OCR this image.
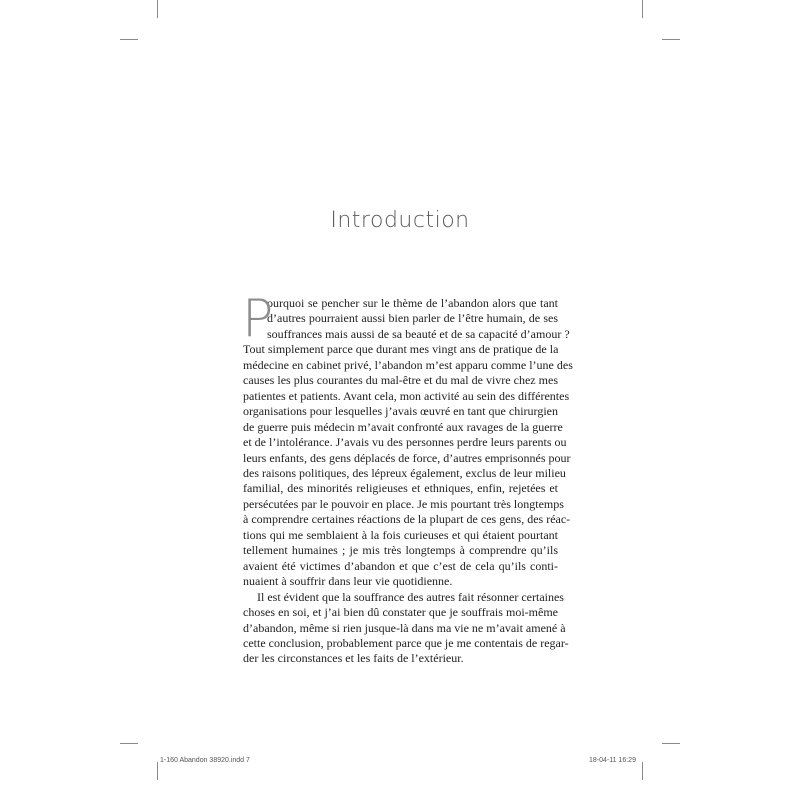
Introduction
P

ourquoi se pencher sur le thème de l’abandon alors que tant
d’autres pourraient aussi bien parler de l’être humain, de ses
souffrances mais aussi de sa beauté et de sa capacité d’amour ?
Tout simplement parce que durant mes vingt ans de pratique de la
médecine en cabinet privé, l’abandon m’est apparu comme l’une des
causes les plus courantes du mal-être et du mal de vivre chez mes
patientes et patients. Avant cela, mon activité au sein des différentes
organisations pour lesquelles j’avais œuvré en tant que chirurgien
de guerre puis médecin m’avait confronté aux ravages de la guerre
et de l’intolérance. J’avais vu des personnes perdre leurs parents ou
leurs enfants, des gens déplacés de force, d’autres emprisonnés pour
des raisons politiques, des lépreux également, exclus de leur milieu
familial, des minorités religieuses et ethniques, enfin, rejetées et
persécutées par le pouvoir en place. Je mis pourtant très longtemps
à comprendre certaines réactions de la plupart de ces gens, des réac-
tions qui me semblaient à la fois curieuses et qui étaient pourtant
tellement humaines ; je mis très longtemps à comprendre qu’ils
avaient été victimes d’abandon et que c’est de cela qu’ils conti-
nuaient à souffrir dans leur vie quotidienne.

Il est évident que la souffrance des autres fait résonner certaines
choses en soi, et j’ai bien dû constater que je souffrais moi-même
d’abandon, même si rien jusque-là dans ma vie ne m’avait amené à
cette conclusion, probablement parce que je me contentais de regar-
der les circonstances et les faits de l’extérieur.

1-160 Abandon 38920.indd 7	18-04-11 16:29
